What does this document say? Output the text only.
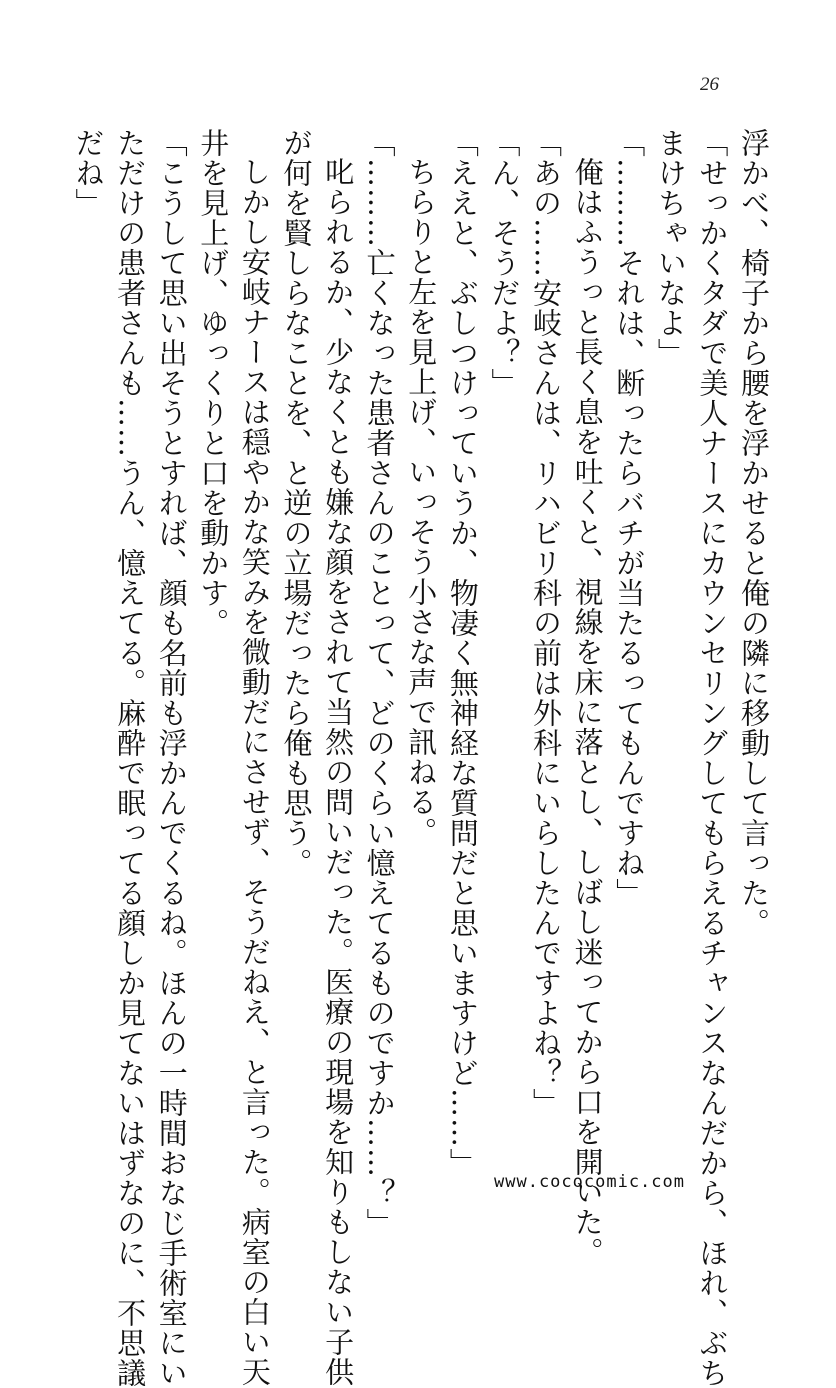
26
浮かべ、椅子から腰を浮かせると俺の隣に移動して言った。
「せっかくタダで美人ナースにカウンセリングしてもらえるチャンスなんだから、ほれ、ぶち
まけちゃいなよ」
「………それは、断ったらバチが当たるってもんですね」
俺はふうっと長く息を吐くと、視線を床に落とし、しばし迷ってから口を開いた。
「あの……安岐さんは、リハビリ科の前は外科にいらしたんですよね？」
「ん、そうだよ？」
「ええと、ぶしつけっていうか、物凄く無神経な質問だと思いますけど……」
ちらりと左を見上げ、いっそう小さな声で訊ねる。
「………亡くなった患者さんのことって、どのくらい憶えてるものですか……？」
叱られるか、少なくとも嫌な顔をされて当然の問いだった。医療の現場を知りもしない子供
が何を賢しらなことを、と逆の立場だったら俺も思う。
しかし安岐ナースは穏やかな笑みを微動だにさせず、そうだねえ、と言った。病室の白い天
井を見上げ、ゆっくりと口を動かす。
「こうして思い出そうとすれば、顔も名前も浮かんでくるね。ほんの一時間おなじ手術室にい
ただけの患者さんも……うん、憶えてる。麻酔で眠ってる顔しか見てないはずなのに、不思議
だね」
www.cococomic.com
